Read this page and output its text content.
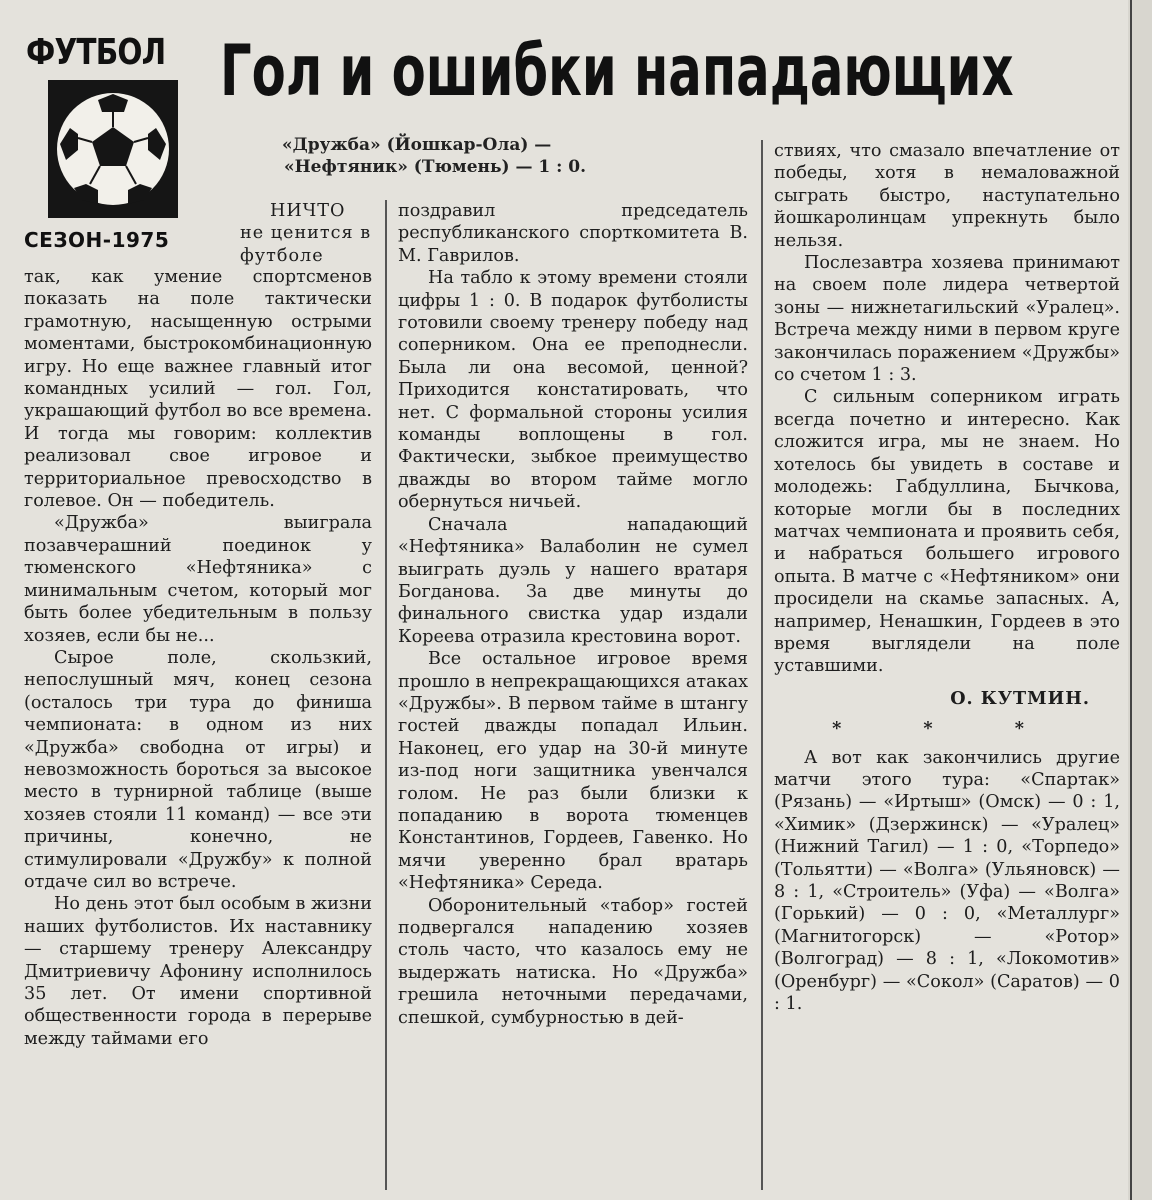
ФУТБОЛ
СЕЗОН-1975
Гол и ошибки нападающих
«Дружба» (Йошкар-Ола) —
«Нефтяник» (Тюмень) — 1 : 0.

НИЧТО не ценится в футболе

так, как умение спортсменов показать на поле тактически грамотную, насыщенную острыми моментами, быстрокомбинационную игру. Но еще важнее главный итог командных усилий — гол. Гол, украшающий футбол во все времена. И тогда мы говорим: коллектив реализовал свое игровое и территориальное превосходство в голевое. Он — победитель.

«Дружба» выиграла позавчерашний поединок у тюменского «Нефтяника» с минимальным счетом, который мог быть более убедительным в пользу хозяев, если бы не...

Сырое поле, скользкий, непослушный мяч, конец сезона (осталось три тура до финиша чемпионата: в одном из них «Дружба» свободна от игры) и невозможность бороться за высокое место в турнирной таблице (выше хозяев стояли 11 команд) — все эти причины, конечно, не стимулировали «Дружбу» к полной отдаче сил во встрече.

Но день этот был особым в жизни наших футболистов. Их наставнику — старшему тренеру Александру Дмитриевичу Афонину исполнилось 35 лет. От имени спортивной общественности города в перерыве между таймами его

поздравил председатель республиканского спорткомитета В. М. Гаврилов.

На табло к этому времени стояли цифры 1 : 0. В подарок футболисты готовили своему тренеру победу над соперником. Она ее преподнесли. Была ли она весомой, ценной? Приходится констатировать, что нет. С формальной стороны усилия команды воплощены в гол. Фактически, зыбкое преимущество дважды во втором тайме могло обернуться ничьей.

Сначала нападающий «Нефтяника» Валаболин не сумел выиграть дуэль у нашего вратаря Богданова. За две минуты до финального свистка удар издали Кореева отразила крестовина ворот.

Все остальное игровое время прошло в непрекращающихся атаках «Дружбы». В первом тайме в штангу гостей дважды попадал Ильин. Наконец, его удар на 30-й минуте из-под ноги защитника увенчался голом. Не раз были близки к попаданию в ворота тюменцев Константинов, Гордеев, Гавенко. Но мячи уверенно брал вратарь «Нефтяника» Середа.

Оборонительный «табор» гостей подвергался нападению хозяев столь часто, что казалось ему не выдержать натиска. Но «Дружба» грешила неточными передачами, спешкой, сумбурностью в дей-

ствиях, что смазало впечатление от победы, хотя в немаловажной сыграть быстро, наступательно йошкаролинцам упрекнуть было нельзя.

Послезавтра хозяева принимают на своем поле лидера четвертой зоны — нижнетагильский «Уралец». Встреча между ними в первом круге закончилась поражением «Дружбы» со счетом 1 : 3.

С сильным соперником играть всегда почетно и интересно. Как сложится игра, мы не знаем. Но хотелось бы увидеть в составе и молодежь: Габдуллина, Бычкова, которые могли бы в последних матчах чемпионата и проявить себя, и набраться большего игрового опыта. В матче с «Нефтяником» они просидели на скамье запасных. А, например, Ненашкин, Гордеев в это время выглядели на поле уставшими.

О. КУТМИН.
* * *

А вот как закончились другие матчи этого тура: «Спартак» (Рязань) — «Иртыш» (Омск) — 0 : 1, «Химик» (Дзержинск) — «Уралец» (Нижний Тагил) — 1 : 0, «Торпедо» (Тольятти) — «Волга» (Ульяновск) — 8 : 1, «Строитель» (Уфа) — «Волга» (Горький) — 0 : 0, «Металлург» (Магнитогорск) — «Ротор» (Волгоград) — 8 : 1, «Локомотив» (Оренбург) — «Сокол» (Саратов) — 0 : 1.
